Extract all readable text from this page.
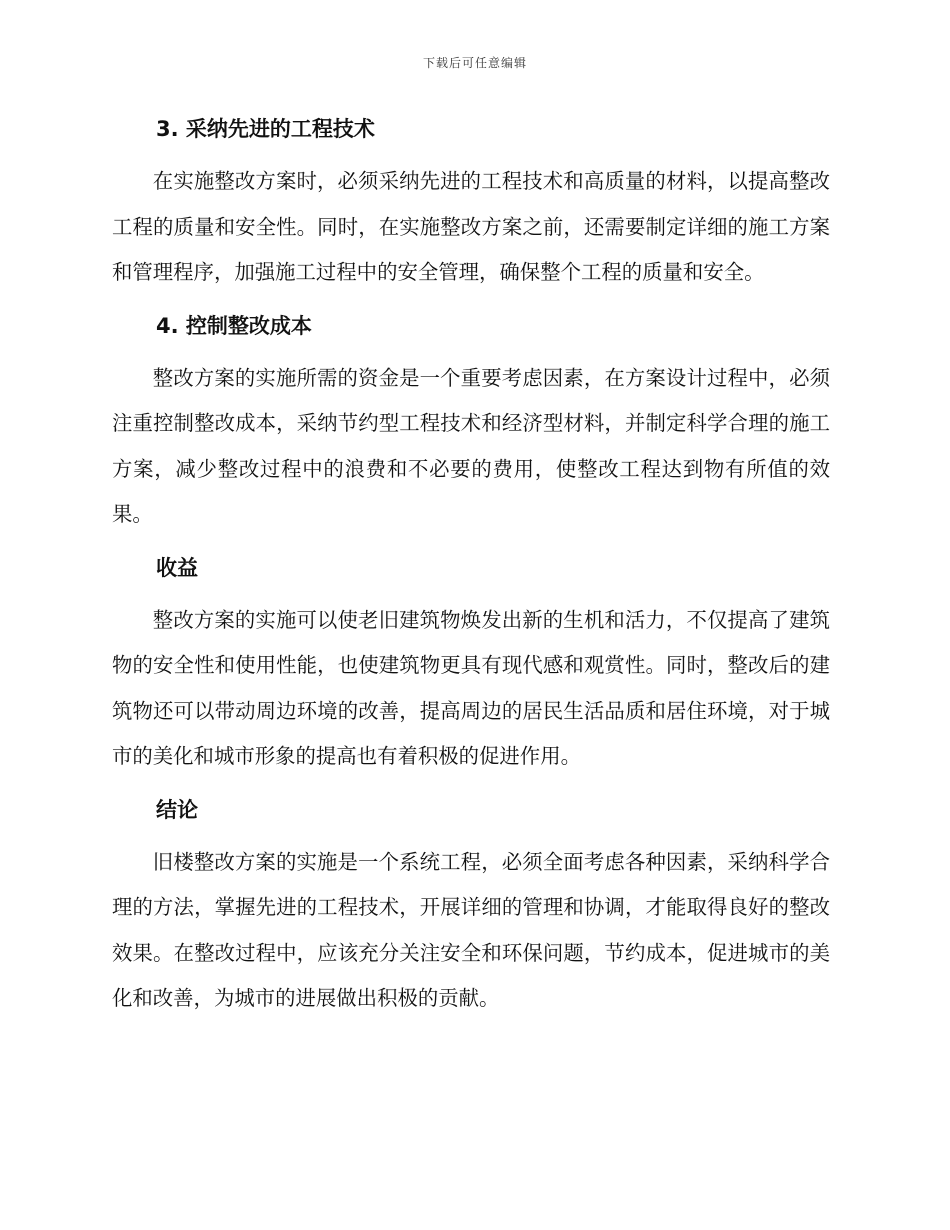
下载后可任意编辑
3. 采纳先进的工程技术

在实施整改方案时，必须采纳先进的工程技术和高质量的材料，以提高整改工程的质量和安全性。同时，在实施整改方案之前，还需要制定详细的施工方案和管理程序，加强施工过程中的安全管理，确保整个工程的质量和安全。

4. 控制整改成本

整改方案的实施所需的资金是一个重要考虑因素，在方案设计过程中，必须注重控制整改成本，采纳节约型工程技术和经济型材料，并制定科学合理的施工方案，减少整改过程中的浪费和不必要的费用，使整改工程达到物有所值的效果。

收益

整改方案的实施可以使老旧建筑物焕发出新的生机和活力，不仅提高了建筑物的安全性和使用性能，也使建筑物更具有现代感和观赏性。同时，整改后的建筑物还可以带动周边环境的改善，提高周边的居民生活品质和居住环境，对于城市的美化和城市形象的提高也有着积极的促进作用。

结论

旧楼整改方案的实施是一个系统工程，必须全面考虑各种因素，采纳科学合理的方法，掌握先进的工程技术，开展详细的管理和协调，才能取得良好的整改效果。在整改过程中，应该充分关注安全和环保问题，节约成本，促进城市的美化和改善，为城市的进展做出积极的贡献。
